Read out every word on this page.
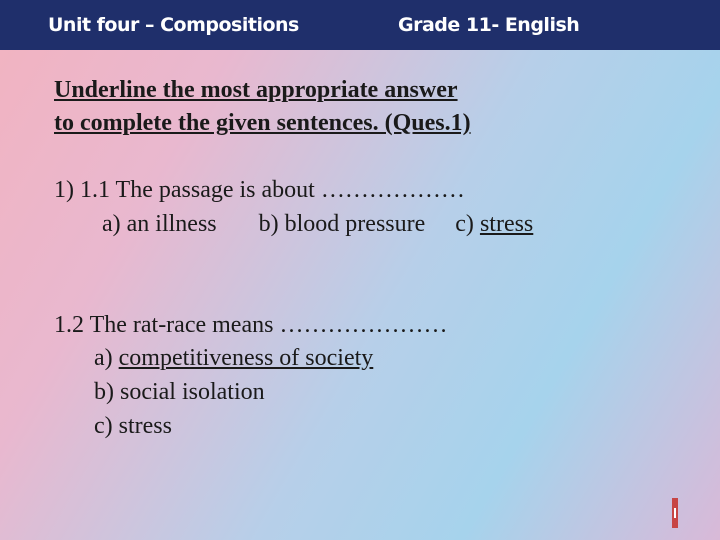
Unit four – Compositions	Grade 11- English
Underline the most appropriate answer
to complete the given sentences. (Ques.1)
1) 1.1 The passage is about ………………
a) an illness b) blood pressure c) stress
1.2 The rat-race means …………………
a) competitiveness of society
b) social isolation
c) stress
